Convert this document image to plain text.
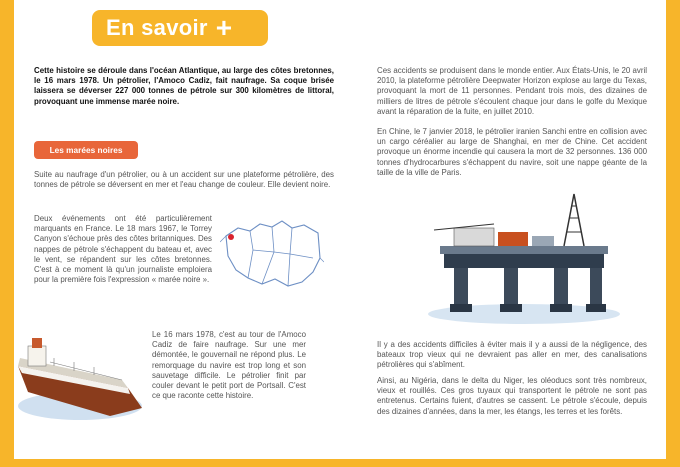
En savoir +

Cette histoire se déroule dans l'océan Atlantique, au large des côtes bretonnes, le 16 mars 1978. Un pétrolier, l'Amoco Cadiz, fait naufrage. Sa coque brisée laissera se déverser 227 000 tonnes de pétrole sur 300 kilomètres de littoral, provoquant une immense marée noire.

Les marées noires

Suite au naufrage d'un pétrolier, ou à un accident sur une plateforme pétrolière, des tonnes de pétrole se déversent en mer et l'eau change de couleur. Elle devient noire.

Deux événements ont été particulièrement marquants en France. Le 18 mars 1967, le Torrey Canyon s'échoue près des côtes britanniques. Des nappes de pétrole s'échappent du bateau et, avec le vent, se répandent sur les côtes bretonnes. C'est à ce moment là qu'un journaliste emploiera pour la première fois l'expression « marée noire ».

Le 16 mars 1978, c'est au tour de l'Amoco Cadiz de faire naufrage. Sur une mer démontée, le gouvernail ne répond plus. Le remorquage du navire est trop long et son sauvetage difficile. Le pétrolier finit par couler devant le petit port de Portsall. C'est ce que raconte cette histoire.

Ces accidents se produisent dans le monde entier. Aux États-Unis, le 20 avril 2010, la plateforme pétrolière Deepwater Horizon explose au large du Texas, provoquant la mort de 11 personnes. Pendant trois mois, des dizaines de milliers de litres de pétrole s'écoulent chaque jour dans le golfe du Mexique avant la réparation de la fuite, en juillet 2010.

En Chine, le 7 janvier 2018, le pétrolier iranien Sanchi entre en collision avec un cargo céréalier au large de Shanghai, en mer de Chine. Cet accident provoque un énorme incendie qui causera la mort de 32 personnes. 136 000 tonnes d'hydrocarbures s'échappent du navire, soit une nappe géante de la taille de la ville de Paris.

Il y a des accidents difficiles à éviter mais il y a aussi de la négligence, des bateaux trop vieux qui ne devraient pas aller en mer, des canalisations pétrolières qui s'abîment.

Ainsi, au Nigéria, dans le delta du Niger, les oléoducs sont très nombreux, vieux et rouillés. Ces gros tuyaux qui transportent le pétrole ne sont pas entretenus. Certains fuient, d'autres se cassent. Le pétrole s'écoule, depuis des dizaines d'années, dans la mer, les étangs, les terres et les forêts.
